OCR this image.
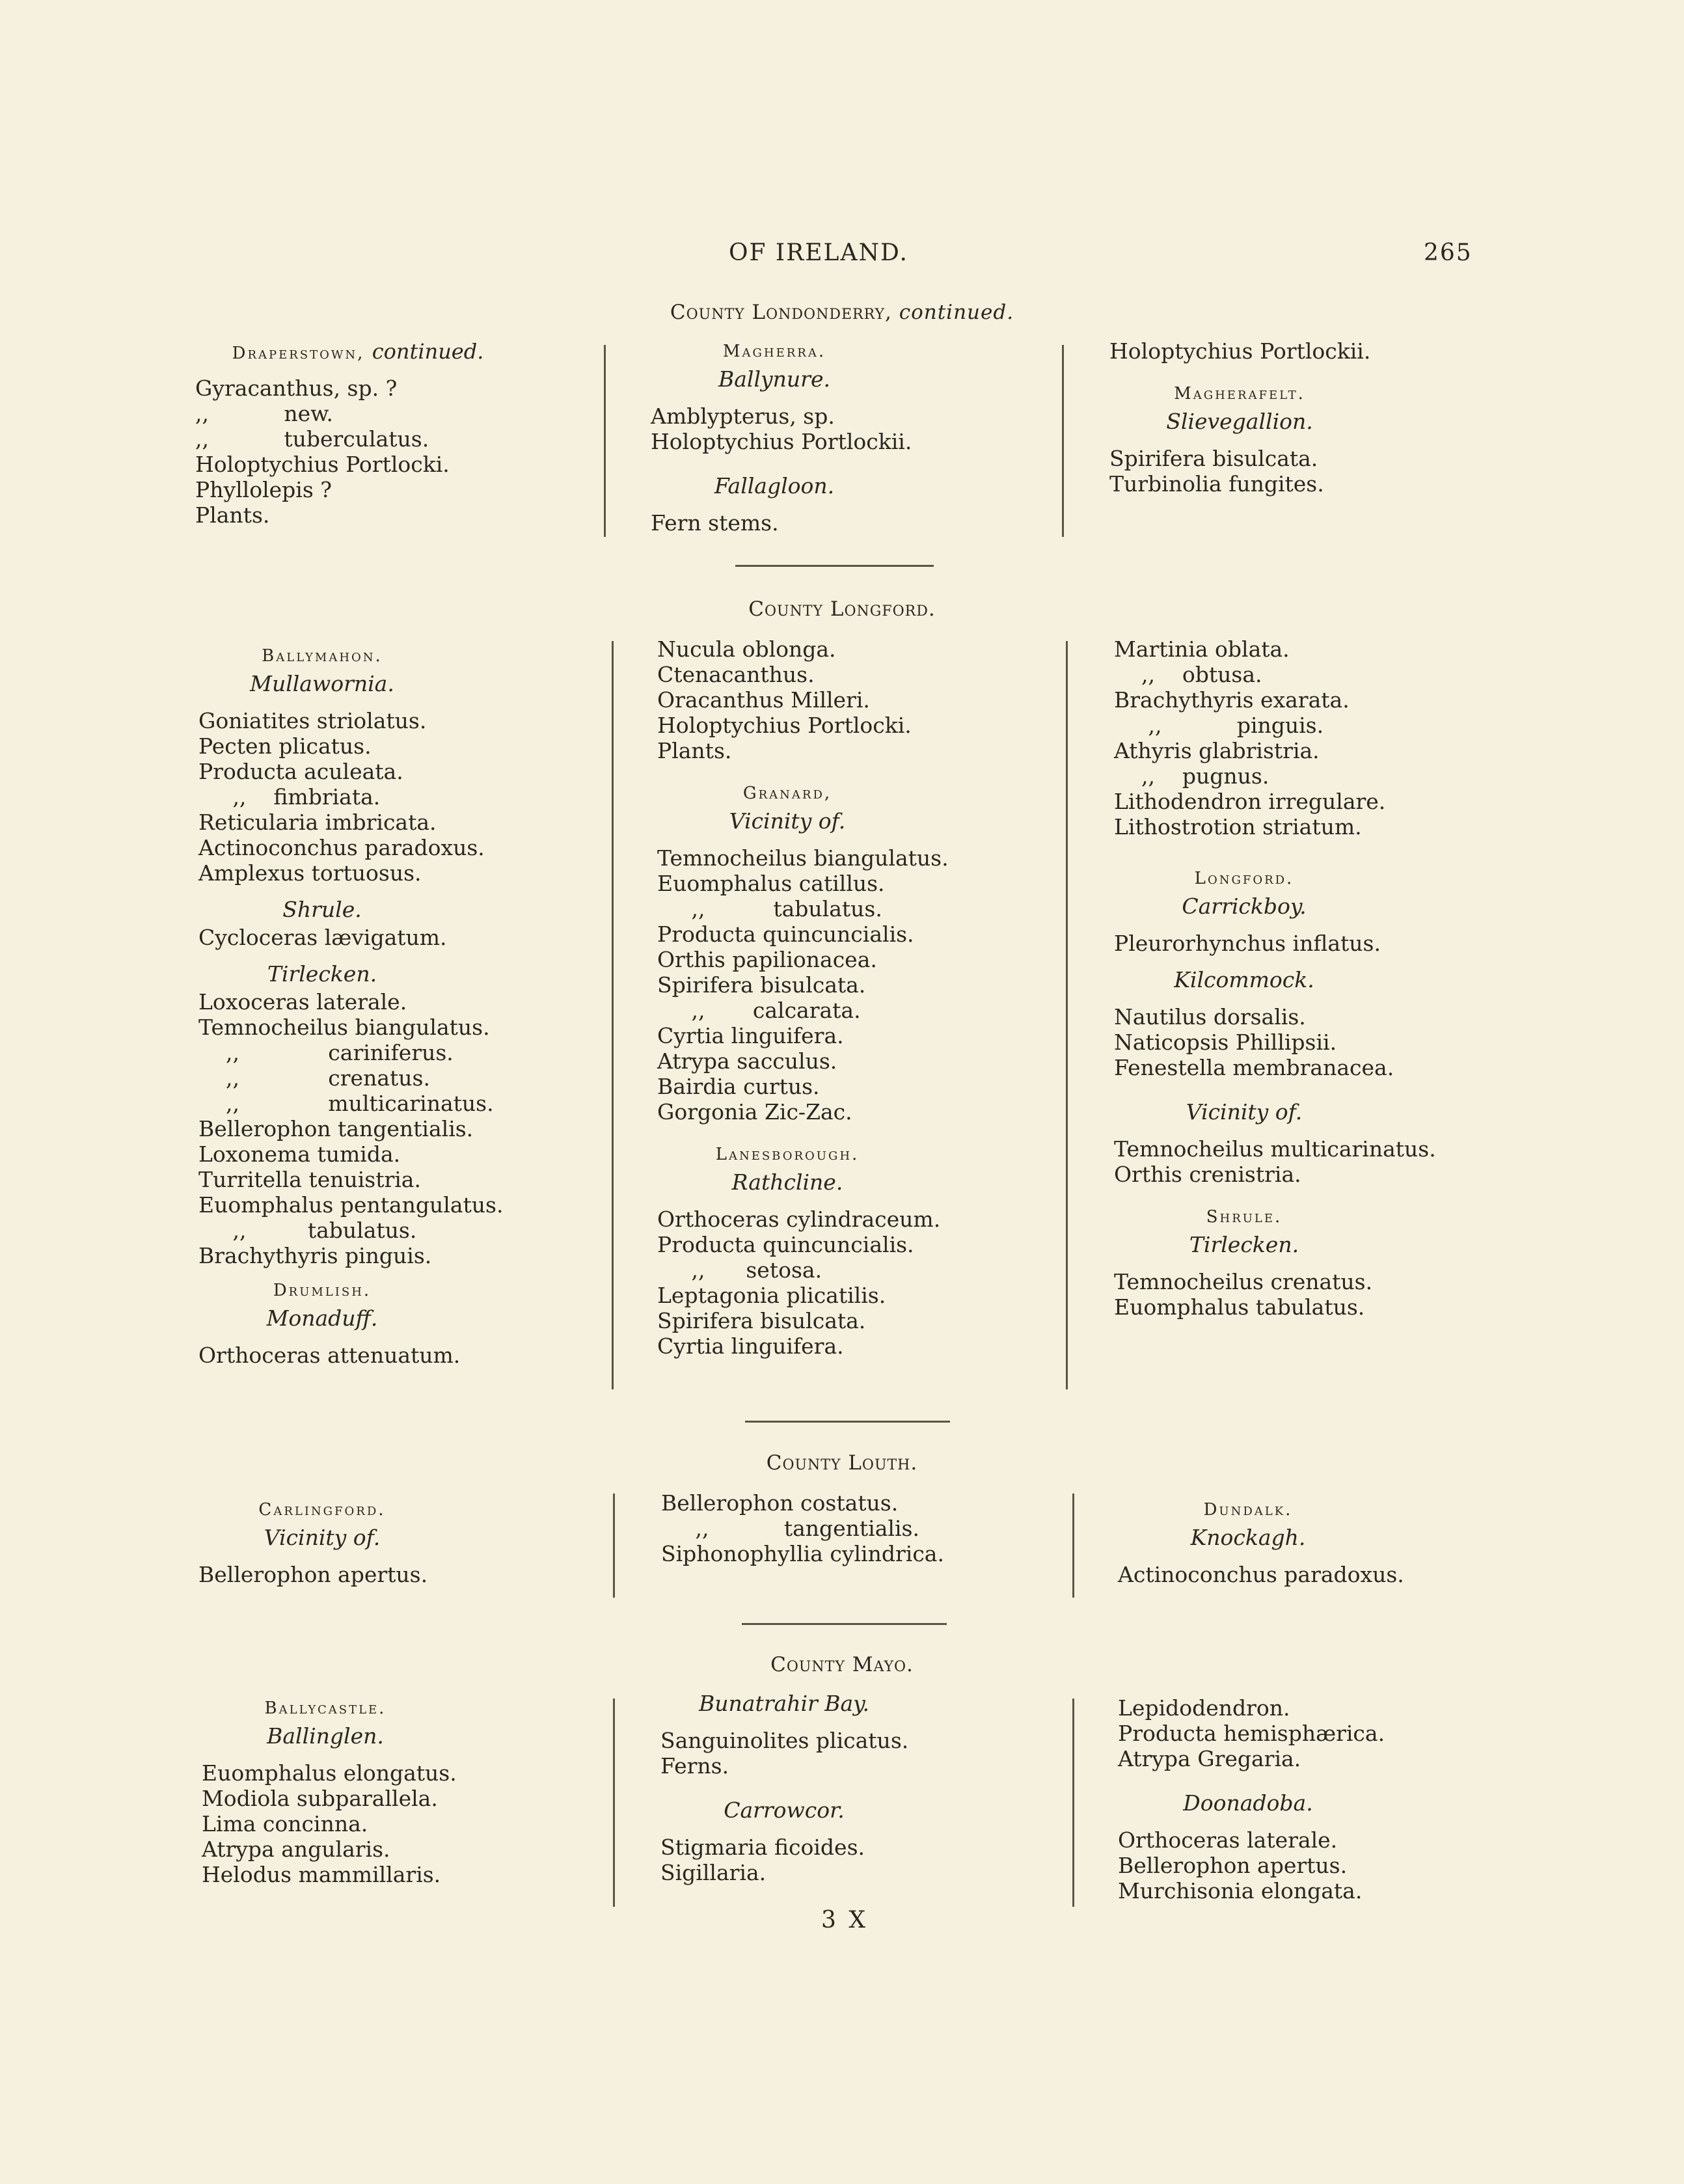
OF IRELAND.	265
County Londonderry, continued.
Draperstown, continued.
Gyracanthus, sp. ?
,,           new.
,,           tuberculatus.
Holoptychius Portlocki.
Phyllolepis ?
Plants.
Magherra.
Ballynure.
Amblypterus, sp.
Holoptychius Portlockii.
Fallagloon.
Fern stems.
Holoptychius Portlockii.
Magherafelt.
Slievegallion.
Spirifera bisulcata.
Turbinolia fungites.
County Longford.
Ballymahon.
Mullawornia.
Goniatites striolatus.
Pecten plicatus.
Producta aculeata.
,,    fimbriata.
Reticularia imbricata.
Actinoconchus paradoxus.
Amplexus tortuosus.
Shrule.
Cycloceras lævigatum.
Tirlecken.
Loxoceras laterale.
Temnocheilus biangulatus.
,,             cariniferus.
,,             crenatus.
,,             multicarinatus.
Bellerophon tangentialis.
Loxonema tumida.
Turritella tenuistria.
Euomphalus pentangulatus.
,,         tabulatus.
Brachythyris pinguis.
Drumlish.
Monaduff.
Orthoceras attenuatum.
Nucula oblonga.
Ctenacanthus.
Oracanthus Milleri.
Holoptychius Portlocki.
Plants.
Granard,
Vicinity of.
Temnocheilus biangulatus.
Euomphalus catillus.
,,          tabulatus.
Producta quincuncialis.
Orthis papilionacea.
Spirifera bisulcata.
,,       calcarata.
Cyrtia linguifera.
Atrypa sacculus.
Bairdia curtus.
Gorgonia Zic-Zac.
Lanesborough.
Rathcline.
Orthoceras cylindraceum.
Producta quincuncialis.
,,      setosa.
Leptagonia plicatilis.
Spirifera bisulcata.
Cyrtia linguifera.
Martinia oblata.
,,    obtusa.
Brachythyris exarata.
,,           pinguis.
Athyris glabristria.
,,    pugnus.
Lithodendron irregulare.
Lithostrotion striatum.
Longford.
Carrickboy.
Pleurorhynchus inflatus.
Kilcommock.
Nautilus dorsalis.
Naticopsis Phillipsii.
Fenestella membranacea.
Vicinity of.
Temnocheilus multicarinatus.
Orthis crenistria.
Shrule.
Tirlecken.
Temnocheilus crenatus.
Euomphalus tabulatus.
County Louth.
Carlingford.
Vicinity of.
Bellerophon apertus.
Bellerophon costatus.
,,           tangentialis.
Siphonophyllia cylindrica.
Dundalk.
Knockagh.
Actinoconchus paradoxus.
County Mayo.
Ballycastle.
Ballinglen.
Euomphalus elongatus.
Modiola subparallela.
Lima concinna.
Atrypa angularis.
Helodus mammillaris.
Bunatrahir Bay.
Sanguinolites plicatus.
Ferns.
Carrowcor.
Stigmaria ficoides.
Sigillaria.
Lepidodendron.
Producta hemisphærica.
Atrypa Gregaria.
Doonadoba.
Orthoceras laterale.
Bellerophon apertus.
Murchisonia elongata.
3 X
